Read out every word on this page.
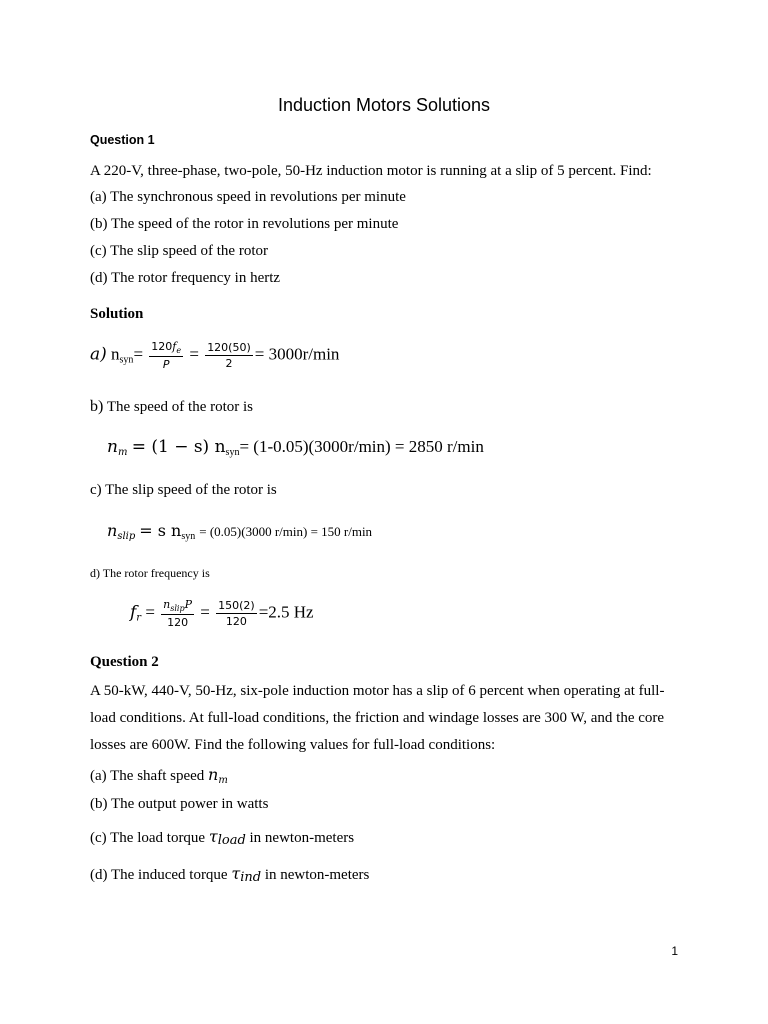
Induction Motors Solutions
Question 1
A 220-V, three-phase, two-pole, 50-Hz induction motor is running at a slip of 5 percent. Find:
(a) The synchronous speed in revolutions per minute
(b) The speed of the rotor in revolutions per minute
(c) The slip speed of the rotor
(d) The rotor frequency in hertz
Solution
a) $n_{syn}= \frac{120f_e}{P} = \frac{120(50)}{2} = 3000r/\min$
b) The speed of the rotor is
nm = (1 − s) $n_{syn}= (1-0.05)(3000r/\min) = 2850$ r/min
c) The slip speed of the rotor is
nslip = s $n_{syn} = (0.05)(3000$ r/min) = 150 r/min
d) The rotor frequency is
fr = $\frac{n_{slip}P}{120} = \frac{150(2)}{120} =2.5$ Hz
Question 2
A 50-kW, 440-V, 50-Hz, six-pole induction motor has a slip of 6 percent when operating at full-
load conditions. At full-load conditions, the friction and windage losses are 300 W, and the core
losses are 600W. Find the following values for full-load conditions:
(a) The shaft speed $n_m$
(b) The output power in watts
(c) The load torque τload in newton-meters
(d) The induced torque τind in newton-meters
1
